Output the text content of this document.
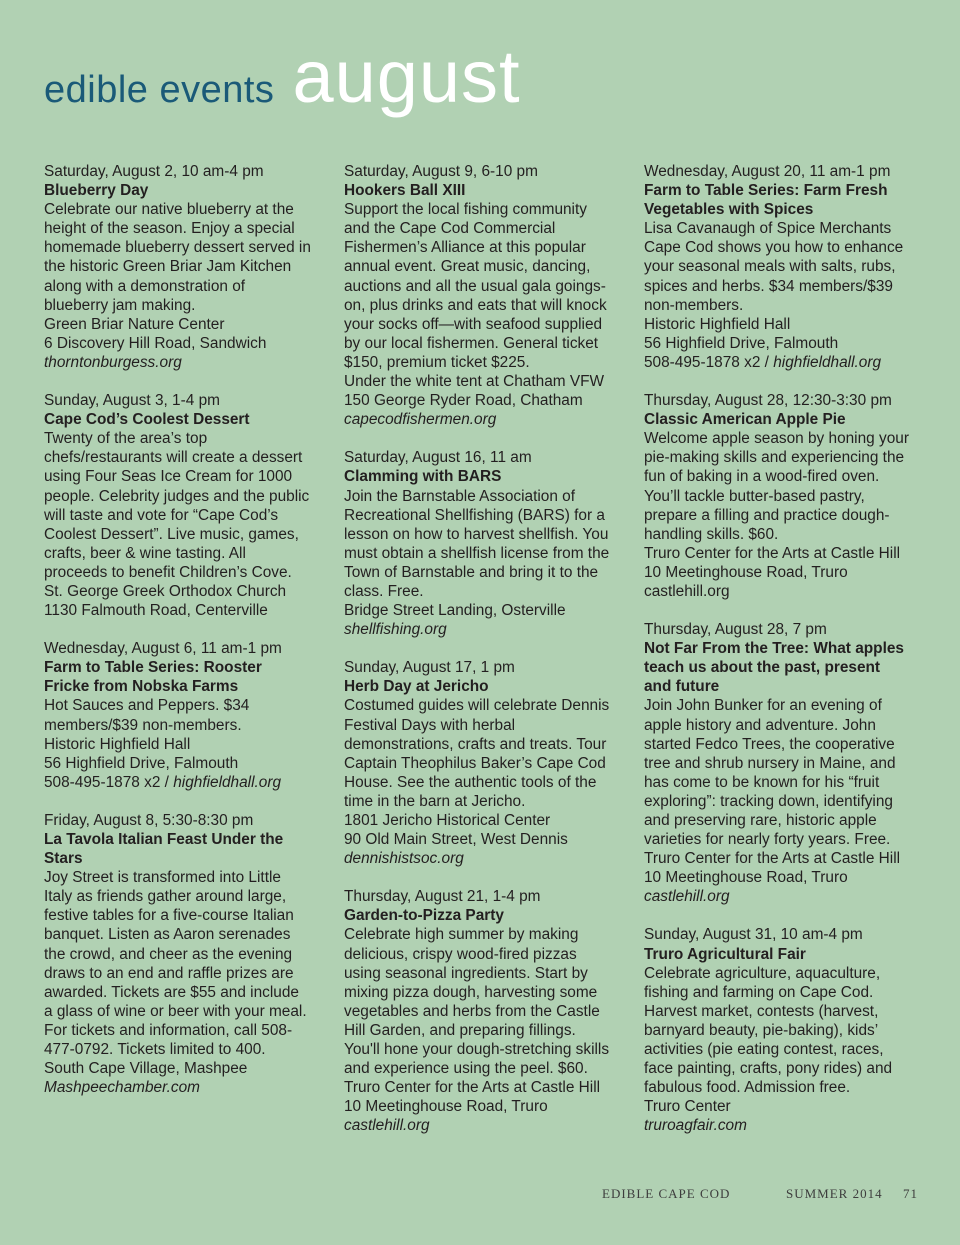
edible events august
Saturday, August 2, 10 am-4 pm
Blueberry Day
Celebrate our native blueberry at the
height of the season. Enjoy a special
homemade blueberry dessert served in
the historic Green Briar Jam Kitchen
along with a demonstration of
blueberry jam making.
Green Briar Nature Center
6 Discovery Hill Road, Sandwich
thorntonburgess.org
Sunday, August 3, 1-4 pm
Cape Cod’s Coolest Dessert
Twenty of the area’s top
chefs/restaurants will create a dessert
using Four Seas Ice Cream for 1000
people. Celebrity judges and the public
will taste and vote for “Cape Cod’s
Coolest Dessert”. Live music, games,
crafts, beer & wine tasting. All
proceeds to benefit Children’s Cove.
St. George Greek Orthodox Church
1130 Falmouth Road, Centerville
Wednesday, August 6, 11 am-1 pm
Farm to Table Series: Rooster
Fricke from Nobska Farms
Hot Sauces and Peppers. $34
members/$39 non-members.
Historic Highfield Hall
56 Highfield Drive, Falmouth
508-495-1878 x2 / highfieldhall.org
Friday, August 8, 5:30-8:30 pm
La Tavola Italian Feast Under the
Stars
Joy Street is transformed into Little
Italy as friends gather around large,
festive tables for a five-course Italian
banquet. Listen as Aaron serenades
the crowd, and cheer as the evening
draws to an end and raffle prizes are
awarded. Tickets are $55 and include
a glass of wine or beer with your meal.
For tickets and information, call 508-
477-0792. Tickets limited to 400.
South Cape Village, Mashpee
Mashpeechamber.com
Saturday, August 9, 6-10 pm
Hookers Ball XIII
Support the local fishing community
and the Cape Cod Commercial
Fishermen’s Alliance at this popular
annual event. Great music, dancing,
auctions and all the usual gala goings-
on, plus drinks and eats that will knock
your socks off—with seafood supplied
by our local fishermen. General ticket
$150, premium ticket $225.
Under the white tent at Chatham VFW
150 George Ryder Road, Chatham
capecodfishermen.org
Saturday, August 16, 11 am
Clamming with BARS
Join the Barnstable Association of
Recreational Shellfishing (BARS) for a
lesson on how to harvest shellfish. You
must obtain a shellfish license from the
Town of Barnstable and bring it to the
class. Free.
Bridge Street Landing, Osterville
shellfishing.org
Sunday, August 17, 1 pm
Herb Day at Jericho
Costumed guides will celebrate Dennis
Festival Days with herbal
demonstrations, crafts and treats. Tour
Captain Theophilus Baker’s Cape Cod
House. See the authentic tools of the
time in the barn at Jericho.
1801 Jericho Historical Center
90 Old Main Street, West Dennis
dennishistsoc.org
Thursday, August 21, 1-4 pm
Garden-to-Pizza Party
Celebrate high summer by making
delicious, crispy wood-fired pizzas
using seasonal ingredients. Start by
mixing pizza dough, harvesting some
vegetables and herbs from the Castle
Hill Garden, and preparing fillings.
You'll hone your dough-stretching skills
and experience using the peel. $60.
Truro Center for the Arts at Castle Hill
10 Meetinghouse Road, Truro
castlehill.org
Wednesday, August 20, 11 am-1 pm
Farm to Table Series: Farm Fresh
Vegetables with Spices
Lisa Cavanaugh of Spice Merchants
Cape Cod shows you how to enhance
your seasonal meals with salts, rubs,
spices and herbs. $34 members/$39
non-members.
Historic Highfield Hall
56 Highfield Drive, Falmouth
508-495-1878 x2 / highfieldhall.org
Thursday, August 28, 12:30-3:30 pm
Classic American Apple Pie
Welcome apple season by honing your
pie-making skills and experiencing the
fun of baking in a wood-fired oven.
You’ll tackle butter-based pastry,
prepare a filling and practice dough-
handling skills. $60.
Truro Center for the Arts at Castle Hill
10 Meetinghouse Road, Truro
castlehill.org
Thursday, August 28, 7 pm
Not Far From the Tree: What apples
teach us about the past, present
and future
Join John Bunker for an evening of
apple history and adventure. John
started Fedco Trees, the cooperative
tree and shrub nursery in Maine, and
has come to be known for his “fruit
exploring”: tracking down, identifying
and preserving rare, historic apple
varieties for nearly forty years. Free.
Truro Center for the Arts at Castle Hill
10 Meetinghouse Road, Truro
castlehill.org
Sunday, August 31, 10 am-4 pm
Truro Agricultural Fair
Celebrate agriculture, aquaculture,
fishing and farming on Cape Cod.
Harvest market, contests (harvest,
barnyard beauty, pie-baking), kids’
activities (pie eating contest, races,
face painting, crafts, pony rides) and
fabulous food. Admission free.
Truro Center
truroagfair.com
EDIBLE CAPE COD	SUMMER 2014 71
